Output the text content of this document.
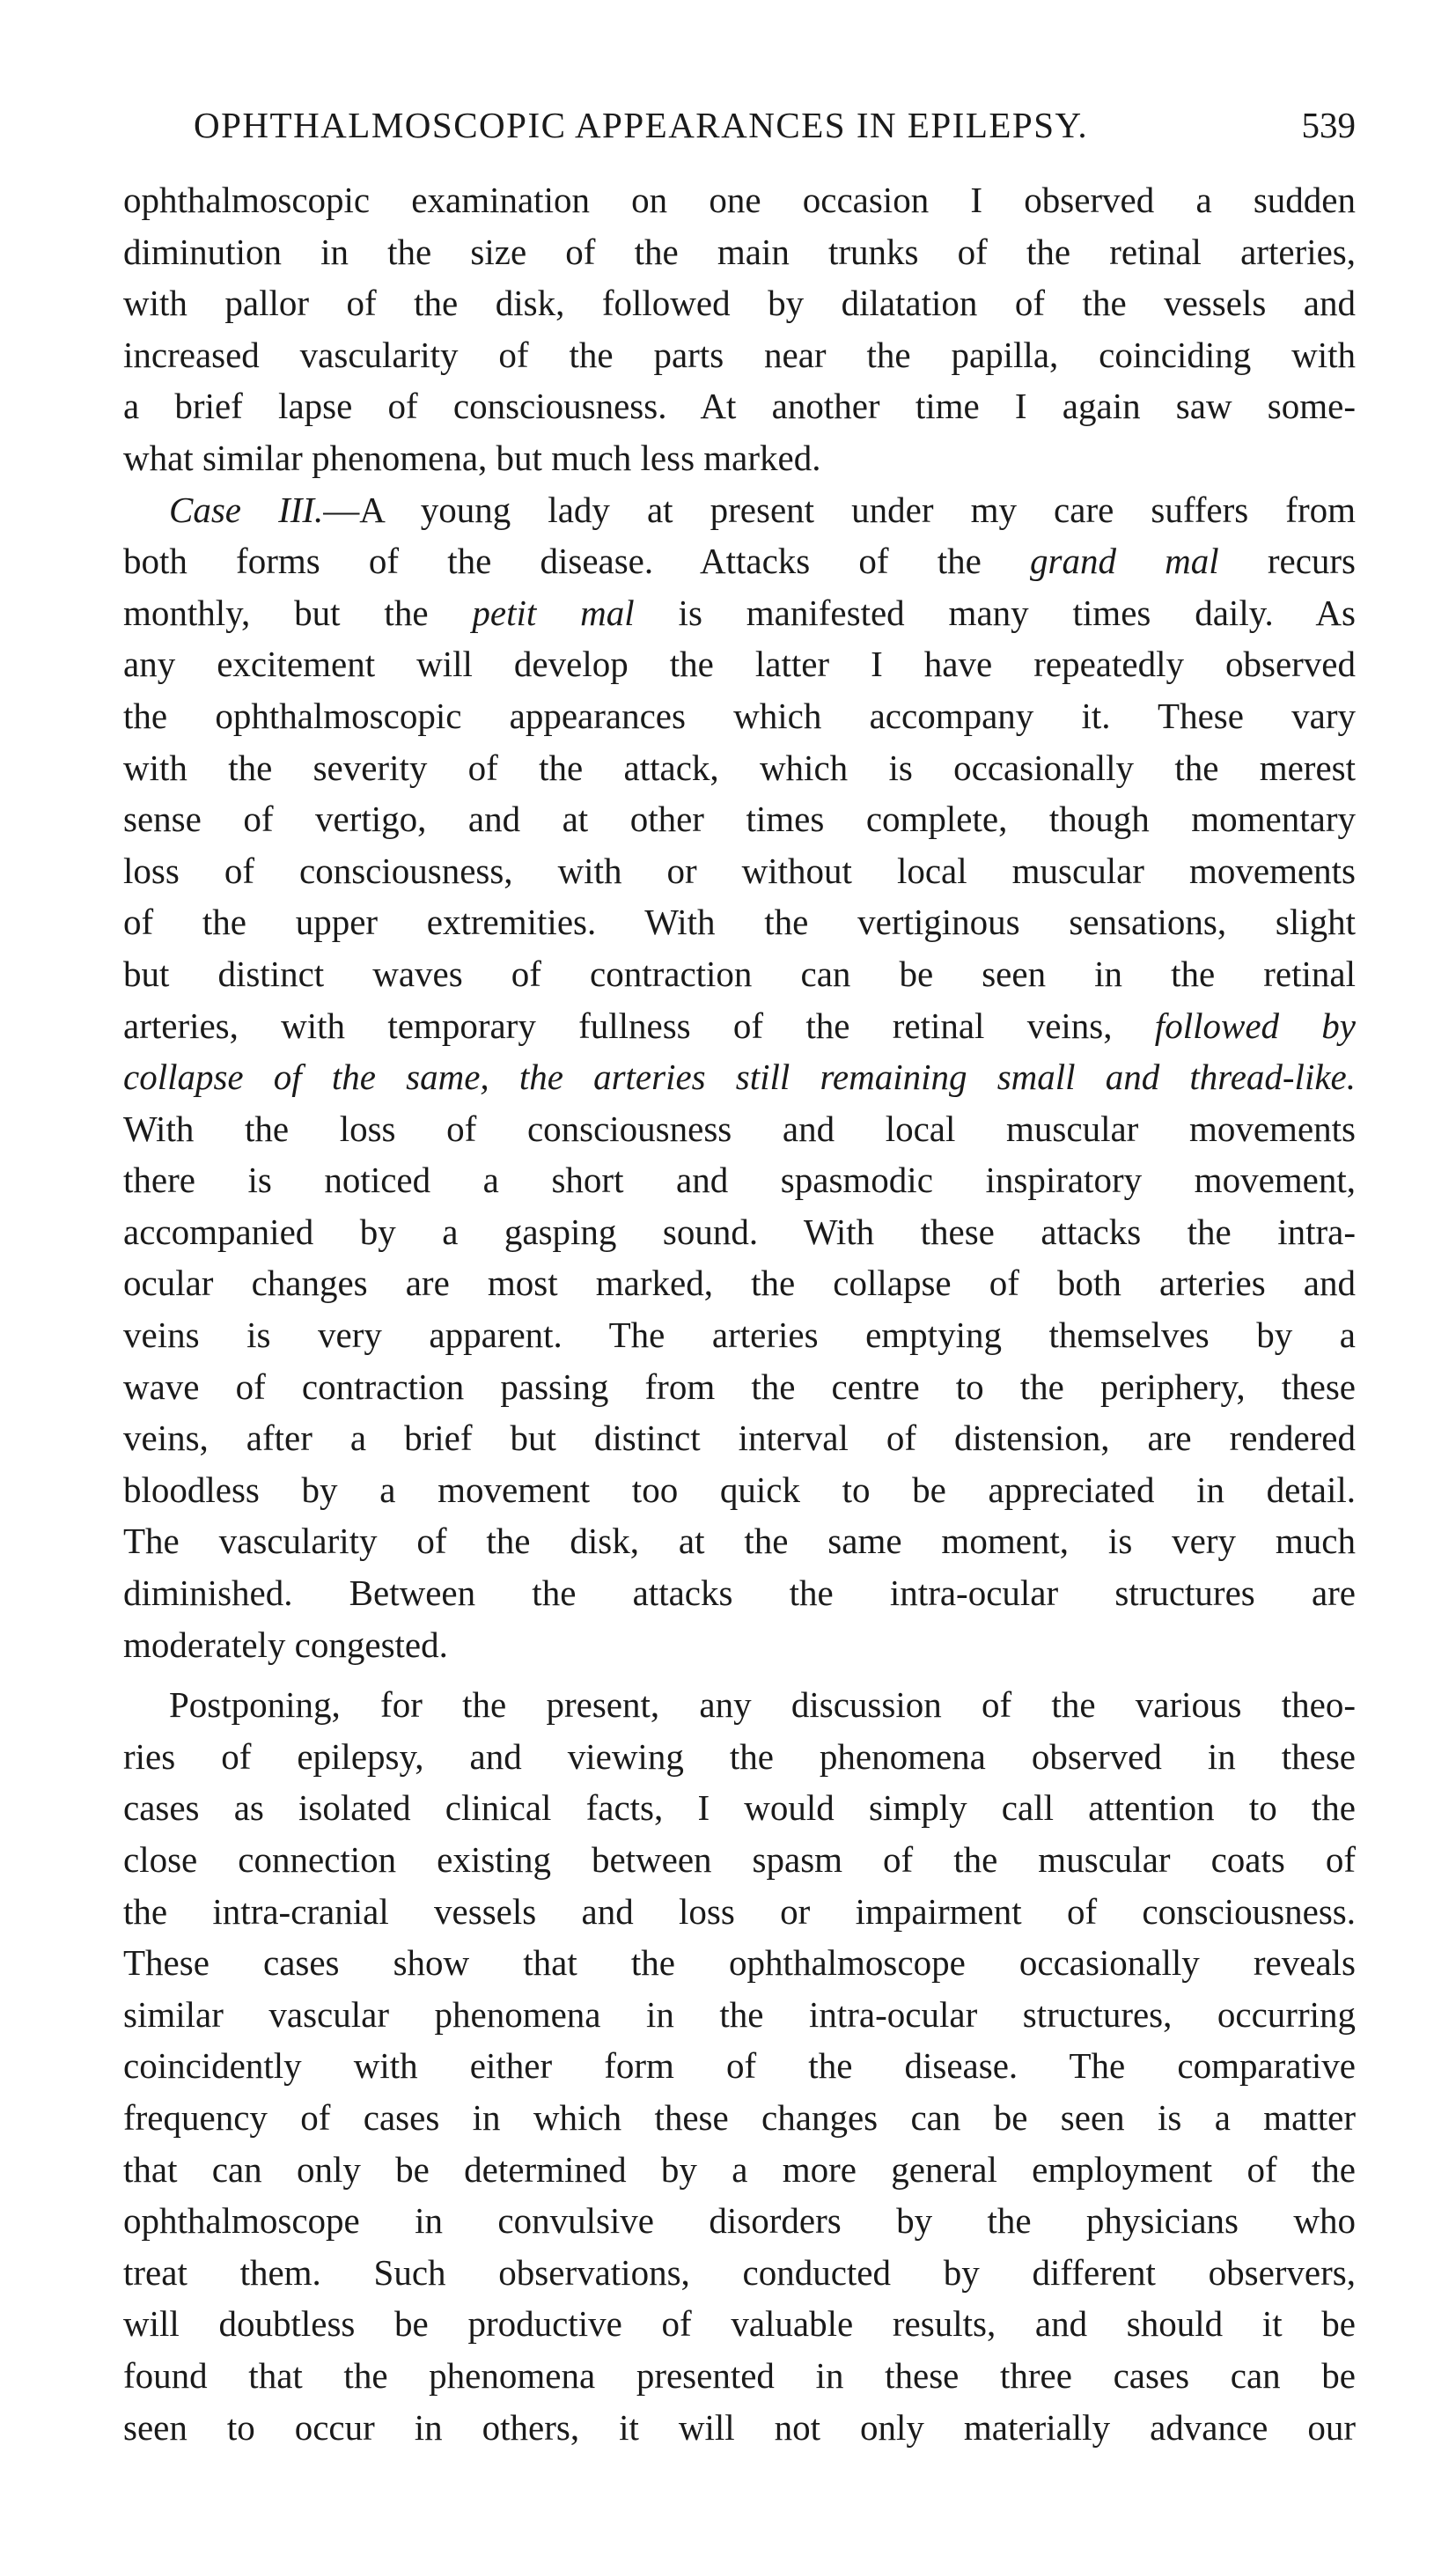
OPHTHALMOSCOPIC APPEARANCES IN EPILEPSY.	539
ophthalmoscopic examination on one occasion I observed a sudden
diminution in the size of the main trunks of the retinal arteries,
with pallor of the disk, followed by dilatation of the vessels and
increased vascularity of the parts near the papilla, coinciding with
a brief lapse of consciousness. At another time I again saw some-
what similar phenomena, but much less marked.
Case III.—A young lady at present under my care suffers from
both forms of the disease. Attacks of the grand mal recurs
monthly, but the petit mal is manifested many times daily. As
any excitement will develop the latter I have repeatedly observed
the ophthalmoscopic appearances which accompany it. These vary
with the severity of the attack, which is occasionally the merest
sense of vertigo, and at other times complete, though momentary
loss of consciousness, with or without local muscular movements
of the upper extremities. With the vertiginous sensations, slight
but distinct waves of contraction can be seen in the retinal
arteries, with temporary fullness of the retinal veins, followed by
collapse of the same, the arteries still remaining small and thread-like.
With the loss of consciousness and local muscular movements
there is noticed a short and spasmodic inspiratory movement,
accompanied by a gasping sound. With these attacks the intra-
ocular changes are most marked, the collapse of both arteries and
veins is very apparent. The arteries emptying themselves by a
wave of contraction passing from the centre to the periphery, these
veins, after a brief but distinct interval of distension, are rendered
bloodless by a movement too quick to be appreciated in detail.
The vascularity of the disk, at the same moment, is very much
diminished. Between the attacks the intra-ocular structures are
moderately congested.
Postponing, for the present, any discussion of the various theo-
ries of epilepsy, and viewing the phenomena observed in these
cases as isolated clinical facts, I would simply call attention to the
close connection existing between spasm of the muscular coats of
the intra-cranial vessels and loss or impairment of consciousness.
These cases show that the ophthalmoscope occasionally reveals
similar vascular phenomena in the intra-ocular structures, occurring
coincidently with either form of the disease. The comparative
frequency of cases in which these changes can be seen is a matter
that can only be determined by a more general employment of the
ophthalmoscope in convulsive disorders by the physicians who
treat them. Such observations, conducted by different observers,
will doubtless be productive of valuable results, and should it be
found that the phenomena presented in these three cases can be
seen to occur in others, it will not only materially advance our
